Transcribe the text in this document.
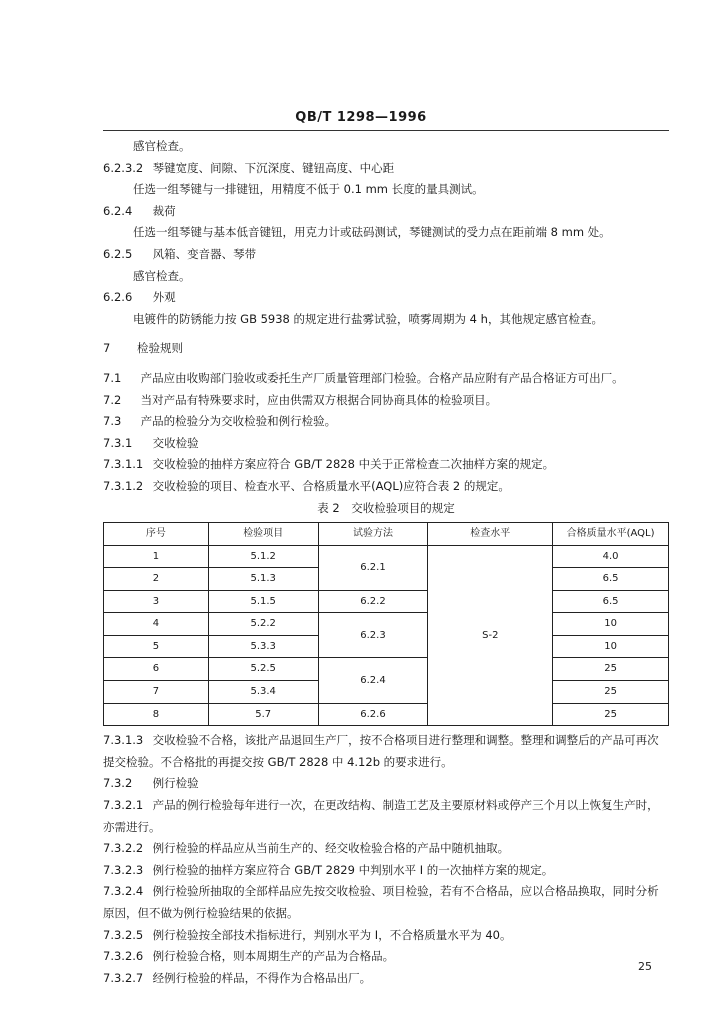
QB/T 1298—1996

感官检查。

6.2.3.2 琴键宽度、间隙、下沉深度、键钮高度、中心距

任选一组琴键与一排键钮，用精度不低于 0.1 mm 长度的量具测试。

6.2.4 裁荷

任选一组琴键与基本低音键钮，用克力计或砝码测试，琴键测试的受力点在距前端 8 mm 处。

6.2.5 风箱、变音器、琴带

感官检查。

6.2.6 外观

电镀件的防锈能力按 GB 5938 的规定进行盐雾试验，喷雾周期为 4 h，其他规定感官检查。

7 检验规则

7.1 产品应由收购部门验收或委托生产厂质量管理部门检验。合格产品应附有产品合格证方可出厂。

7.2 当对产品有特殊要求时，应由供需双方根据合同协商具体的检验项目。

7.3 产品的检验分为交收检验和例行检验。

7.3.1 交收检验

7.3.1.1 交收检验的抽样方案应符合 GB/T 2828 中关于正常检查二次抽样方案的规定。

7.3.1.2 交收检验的项目、检查水平、合格质量水平(AQL)应符合表 2 的规定。

表 2　交收检验项目的规定
序号	检验项目	试验方法	检查水平	合格质量水平(AQL)
1	5.1.2	6.2.1	S-2	4.0
2	5.1.3			6.5
3	5.1.5	6.2.2		6.5
4	5.2.2	6.2.3		10
5	5.3.3			10
6	5.2.5	6.2.4		25
7	5.3.4			25
8	5.7	6.2.6		25

7.3.1.3 交收检验不合格，该批产品退回生产厂，按不合格项目进行整理和调整。整理和调整后的产品可再次提交检验。不合格批的再提交按 GB/T 2828 中 4.12b 的要求进行。

7.3.2 例行检验

7.3.2.1 产品的例行检验每年进行一次，在更改结构、制造工艺及主要原材料或停产三个月以上恢复生产时，亦需进行。

7.3.2.2 例行检验的样品应从当前生产的、经交收检验合格的产品中随机抽取。

7.3.2.3 例行检验的抽样方案应符合 GB/T 2829 中判别水平 I 的一次抽样方案的规定。

7.3.2.4 例行检验所抽取的全部样品应先按交收检验、项目检验，若有不合格品，应以合格品换取，同时分析原因，但不做为例行检验结果的依据。

7.3.2.5 例行检验按全部技术指标进行，判别水平为 I，不合格质量水平为 40。

7.3.2.6 例行检验合格，则本周期生产的产品为合格品。

7.3.2.7 经例行检验的样品，不得作为合格品出厂。

25
